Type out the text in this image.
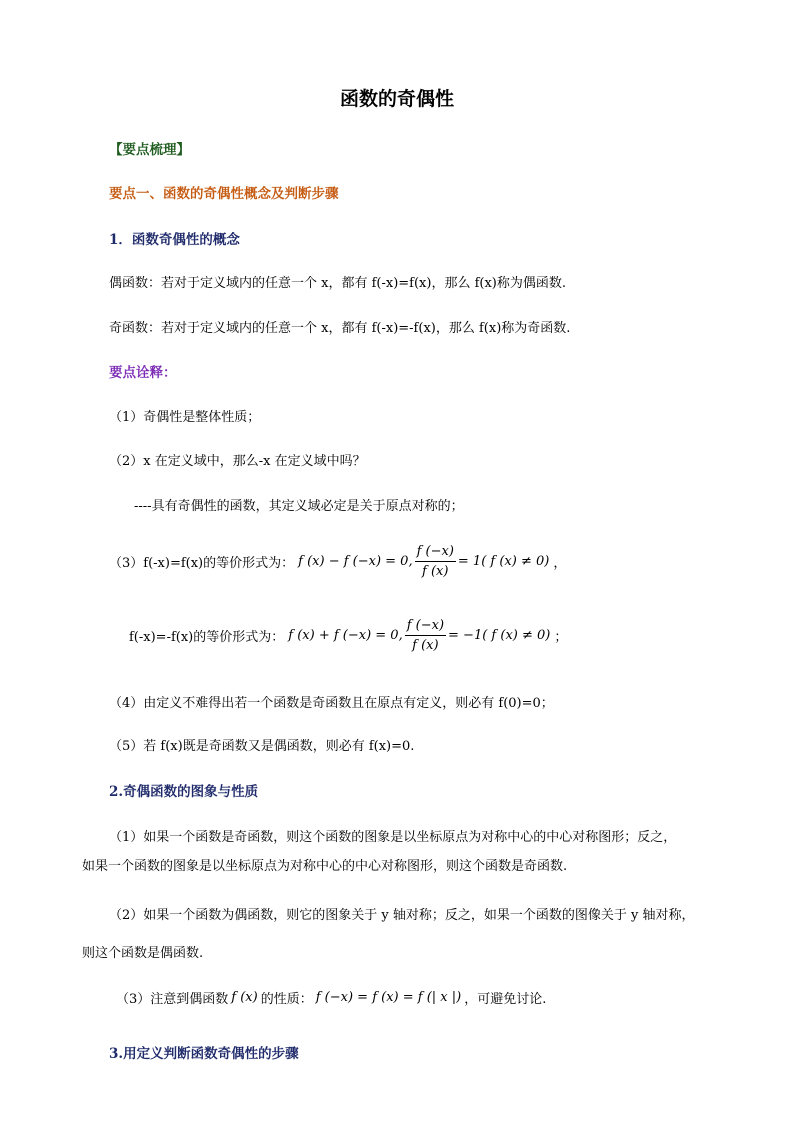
函数的奇偶性
【要点梳理】
要点一、函数的奇偶性概念及判断步骤
1．函数奇偶性的概念
偶函数：若对于定义域内的任意一个 x，都有 f(-x)=f(x)，那么 f(x)称为偶函数.
奇函数：若对于定义域内的任意一个 x，都有 f(-x)=-f(x)，那么 f(x)称为奇函数.
要点诠释：
（1）奇偶性是整体性质；
（2）x 在定义域中，那么-x 在定义域中吗？
----具有奇偶性的函数，其定义域必定是关于原点对称的；
（3）f(-x)=f(x)的等价形式为： f (x) − f (−x) = 0, $\frac{f (-x)}{f (x)} = 1$( f (x) ≠ 0) ，
f(-x)=-f(x)的等价形式为： f (x) + f (−x) = 0, $\frac{f (-x)}{f (x)} = -1$( f (x) ≠ 0) ；
（4）由定义不难得出若一个函数是奇函数且在原点有定义，则必有 f(0)=0；
（5）若 f(x)既是奇函数又是偶函数，则必有 f(x)=0.
2.奇偶函数的图象与性质
（1）如果一个函数是奇函数，则这个函数的图象是以坐标原点为对称中心的中心对称图形；反之，
如果一个函数的图象是以坐标原点为对称中心的中心对称图形，则这个函数是奇函数.
（2）如果一个函数为偶函数，则它的图象关于 y 轴对称；反之，如果一个函数的图像关于 y 轴对称，
则这个函数是偶函数.
（3）注意到偶函数 f (x) 的性质： f (−x) = f (x) = f (| x |) ，可避免讨论.
3.用定义判断函数奇偶性的步骤
